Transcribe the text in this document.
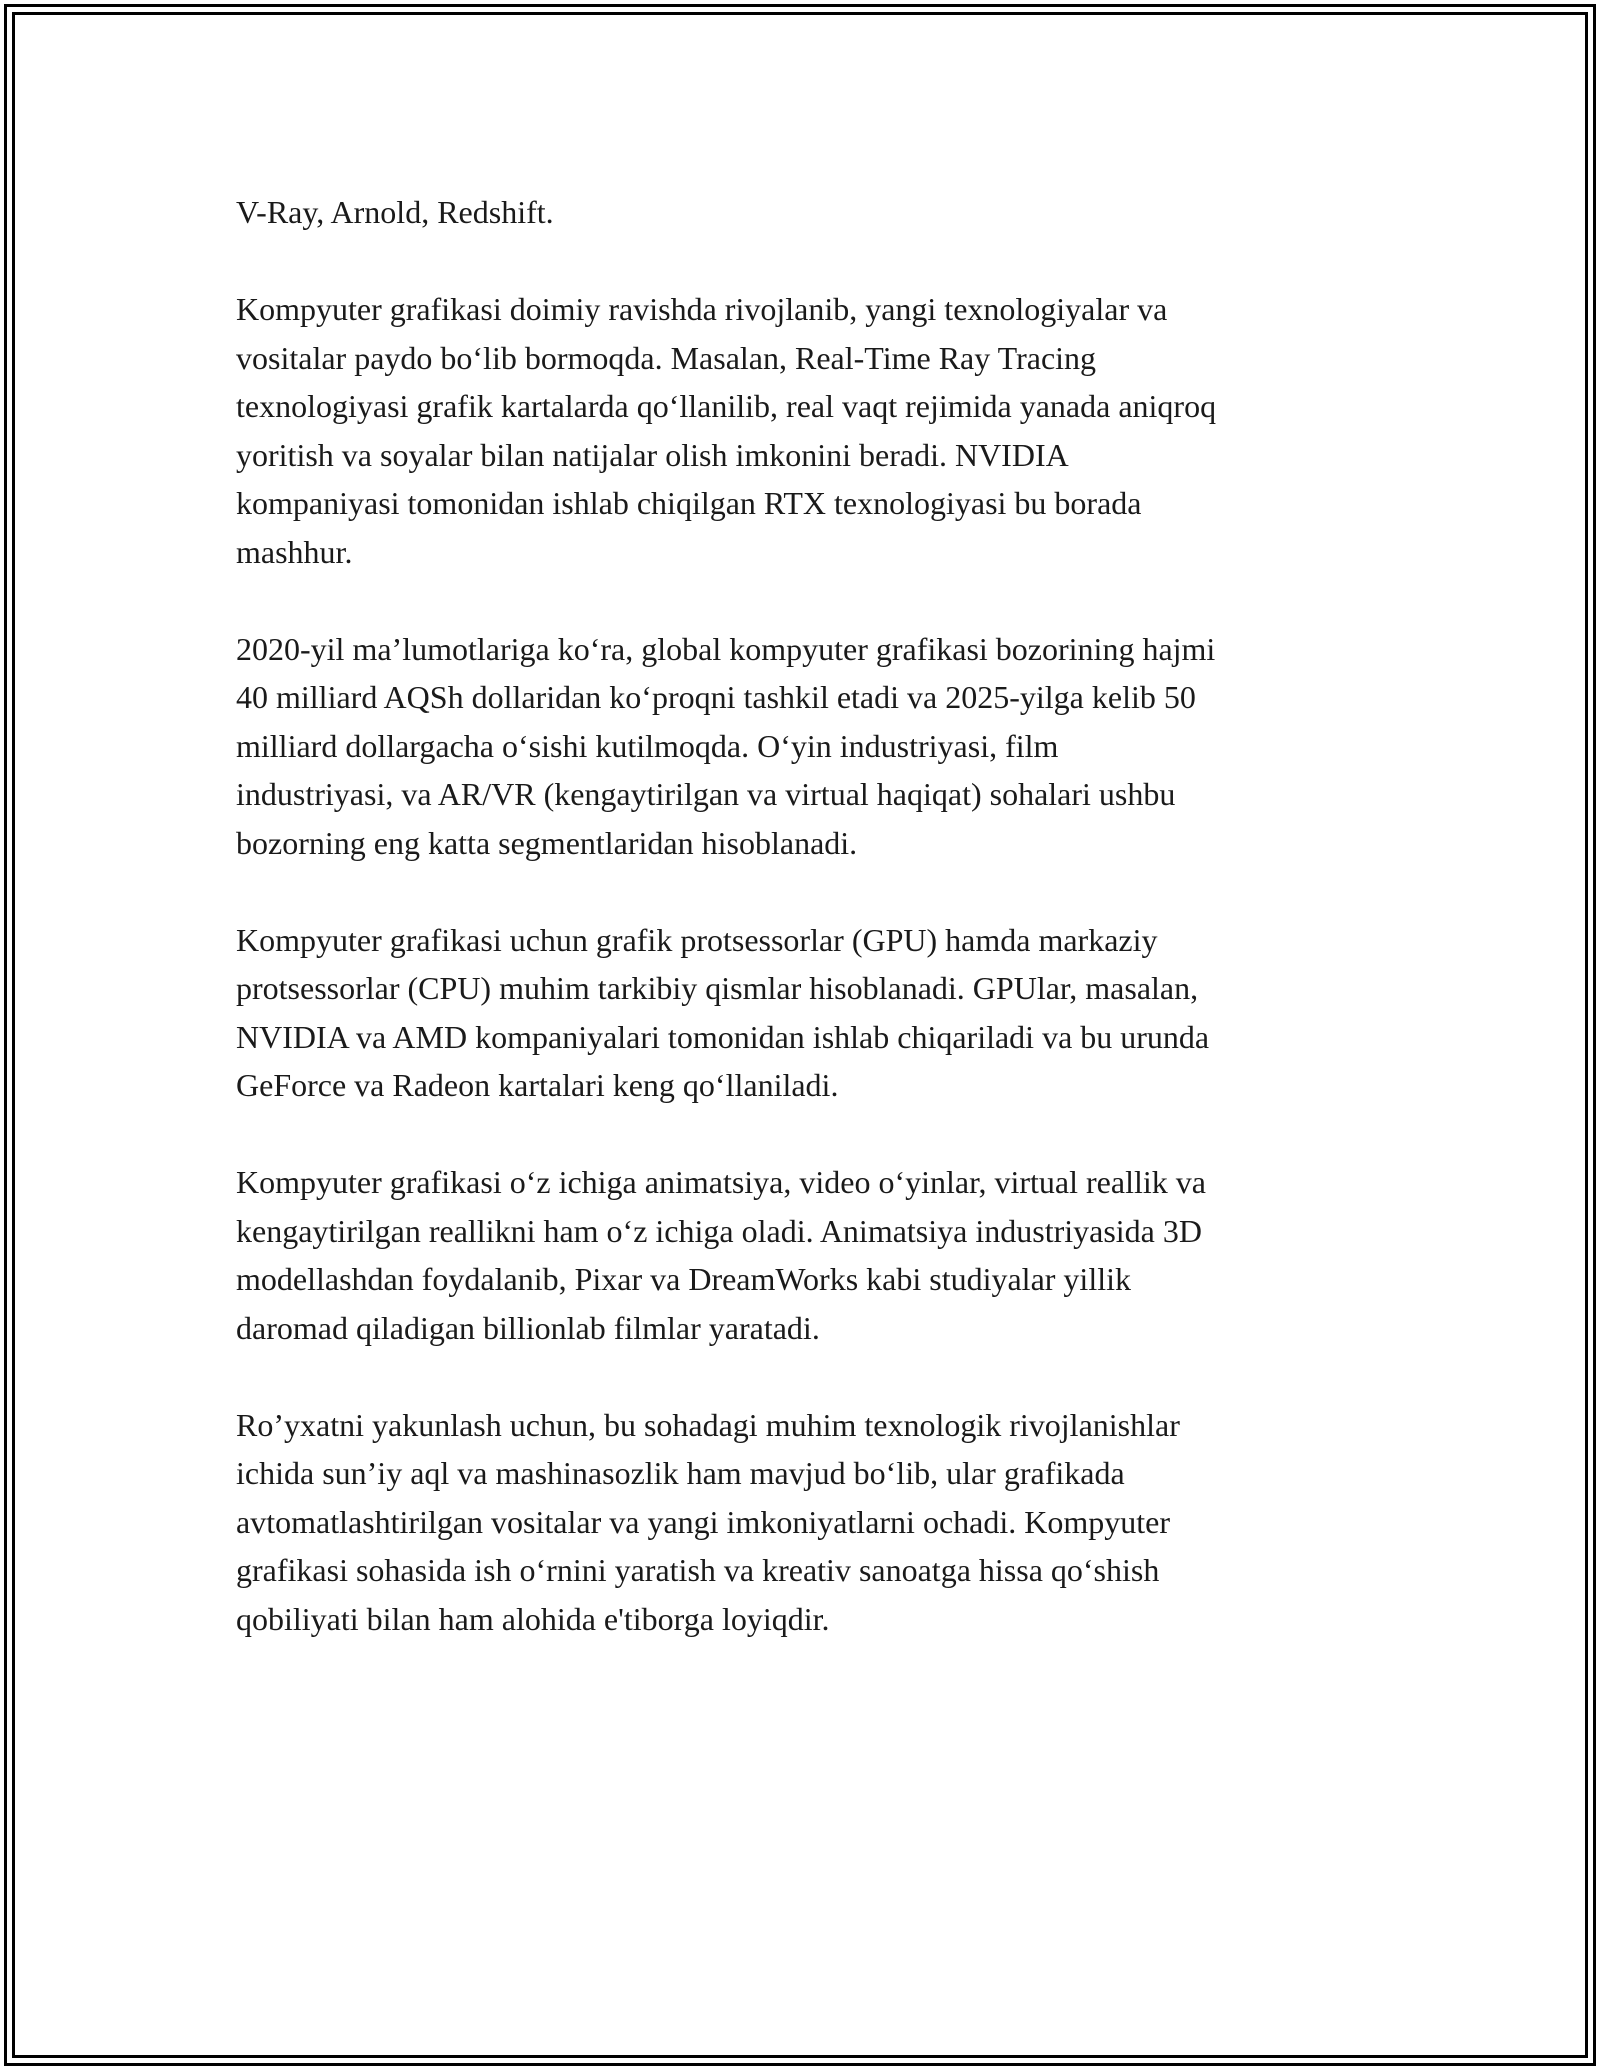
V-Ray, Arnold, Redshift.

Kompyuter grafikasi doimiy ravishda rivojlanib, yangi texnologiyalar va
vositalar paydo bo‘lib bormoqda. Masalan, Real-Time Ray Tracing
texnologiyasi grafik kartalarda qo‘llanilib, real vaqt rejimida yanada aniqroq
yoritish va soyalar bilan natijalar olish imkonini beradi. NVIDIA
kompaniyasi tomonidan ishlab chiqilgan RTX texnologiyasi bu borada
mashhur.

2020-yil ma’lumotlariga ko‘ra, global kompyuter grafikasi bozorining hajmi
40 milliard AQSh dollaridan ko‘proqni tashkil etadi va 2025-yilga kelib 50
milliard dollargacha o‘sishi kutilmoqda. O‘yin industriyasi, film
industriyasi, va AR/VR (kengaytirilgan va virtual haqiqat) sohalari ushbu
bozorning eng katta segmentlaridan hisoblanadi.

Kompyuter grafikasi uchun grafik protsessorlar (GPU) hamda markaziy
protsessorlar (CPU) muhim tarkibiy qismlar hisoblanadi. GPUlar, masalan,
NVIDIA va AMD kompaniyalari tomonidan ishlab chiqariladi va bu urunda
GeForce va Radeon kartalari keng qo‘llaniladi.

Kompyuter grafikasi o‘z ichiga animatsiya, video o‘yinlar, virtual reallik va
kengaytirilgan reallikni ham o‘z ichiga oladi. Animatsiya industriyasida 3D
modellashdan foydalanib, Pixar va DreamWorks kabi studiyalar yillik
daromad qiladigan billionlab filmlar yaratadi.

Ro’yxatni yakunlash uchun, bu sohadagi muhim texnologik rivojlanishlar
ichida sun’iy aql va mashinasozlik ham mavjud bo‘lib, ular grafikada
avtomatlashtirilgan vositalar va yangi imkoniyatlarni ochadi. Kompyuter
grafikasi sohasida ish o‘rnini yaratish va kreativ sanoatga hissa qo‘shish
qobiliyati bilan ham alohida e'tiborga loyiqdir.
